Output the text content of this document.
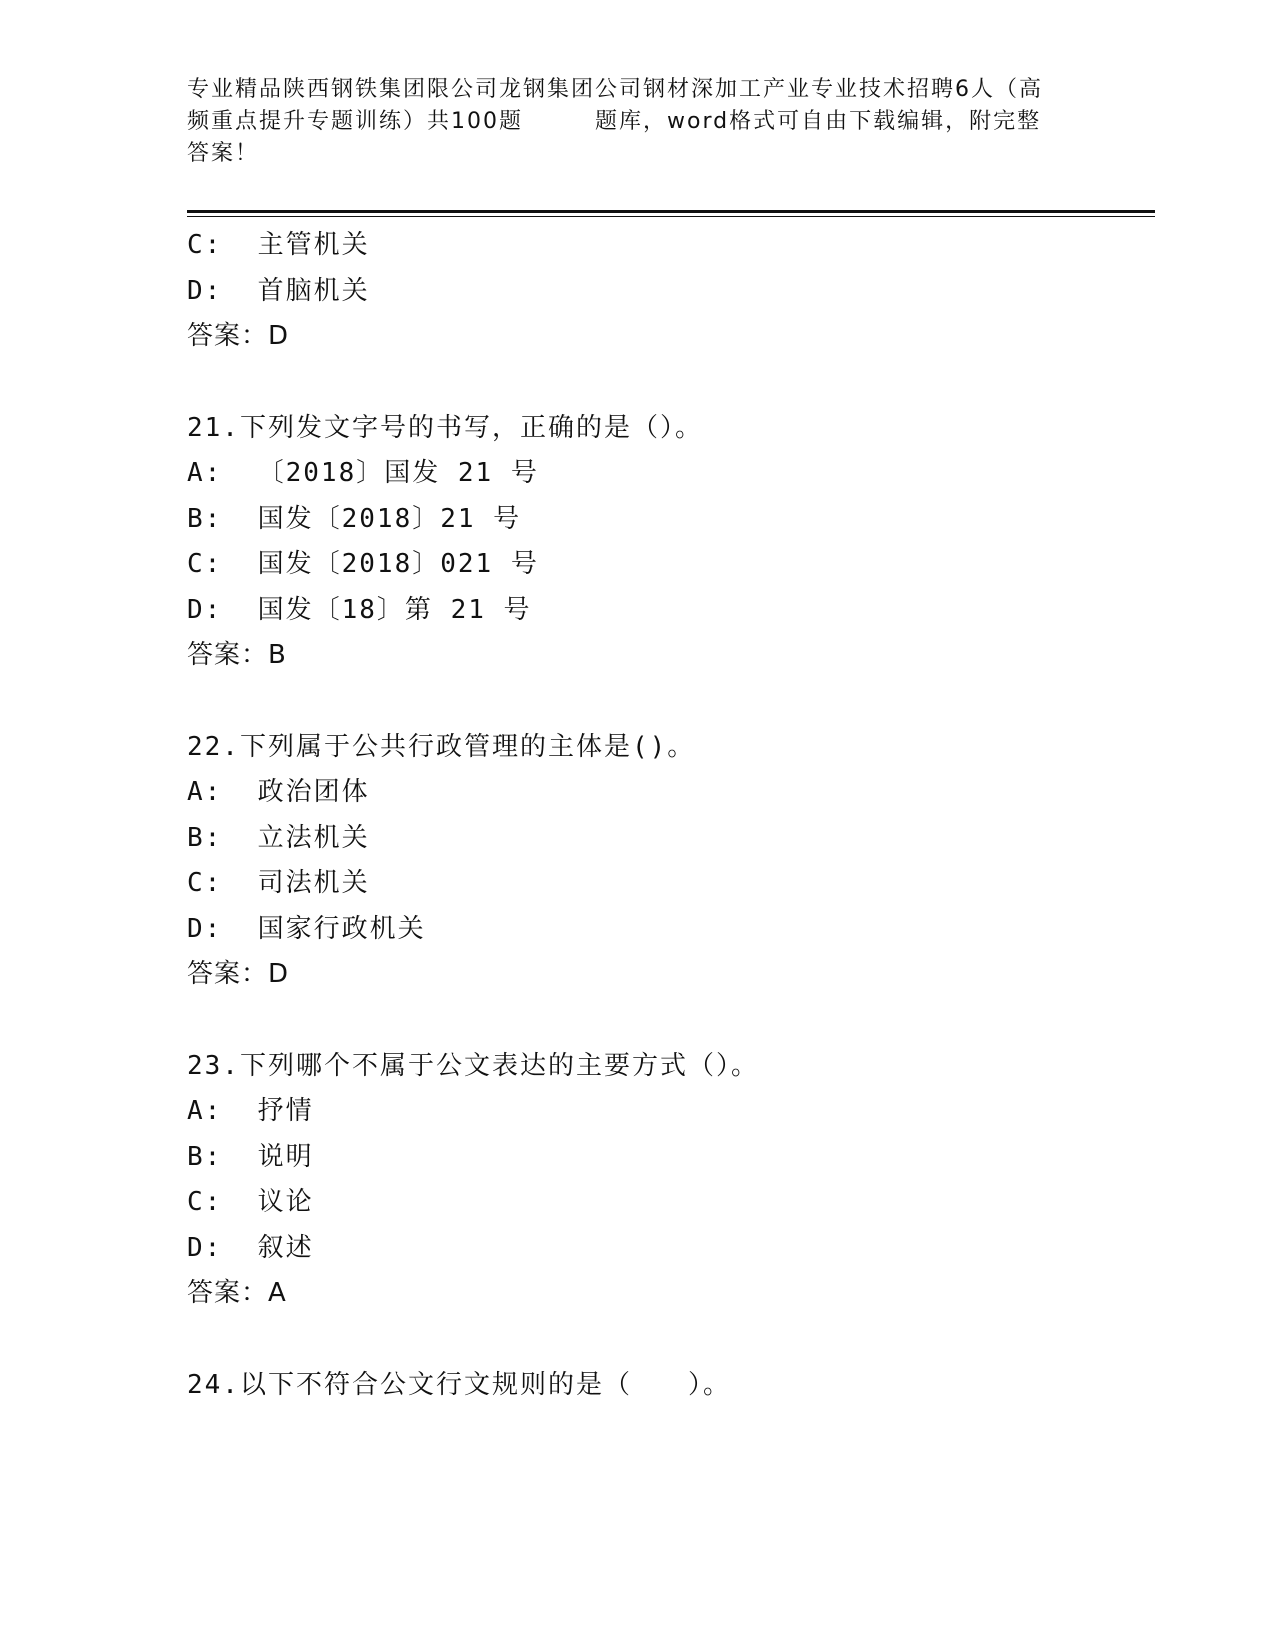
专业精品陕西钢铁集团限公司龙钢集团公司钢材深加工产业专业技术招聘6人（高
频重点提升专题训练）共100题	题库，word格式可自由下载编辑，附完整
答案！
C:  主管机关
D:  首脑机关
答案：D
21.下列发文字号的书写，正确的是（）。
A:  〔2018〕国发 21 号
B:  国发〔2018〕21 号
C:  国发〔2018〕021 号
D:  国发〔18〕第 21 号
答案：B
22.下列属于公共行政管理的主体是()。
A:  政治团体
B:  立法机关
C:  司法机关
D:  国家行政机关
答案：D
23.下列哪个不属于公文表达的主要方式（）。
A:  抒情
B:  说明
C:  议论
D:  叙述
答案：A
24.以下不符合公文行文规则的是（　　）。
